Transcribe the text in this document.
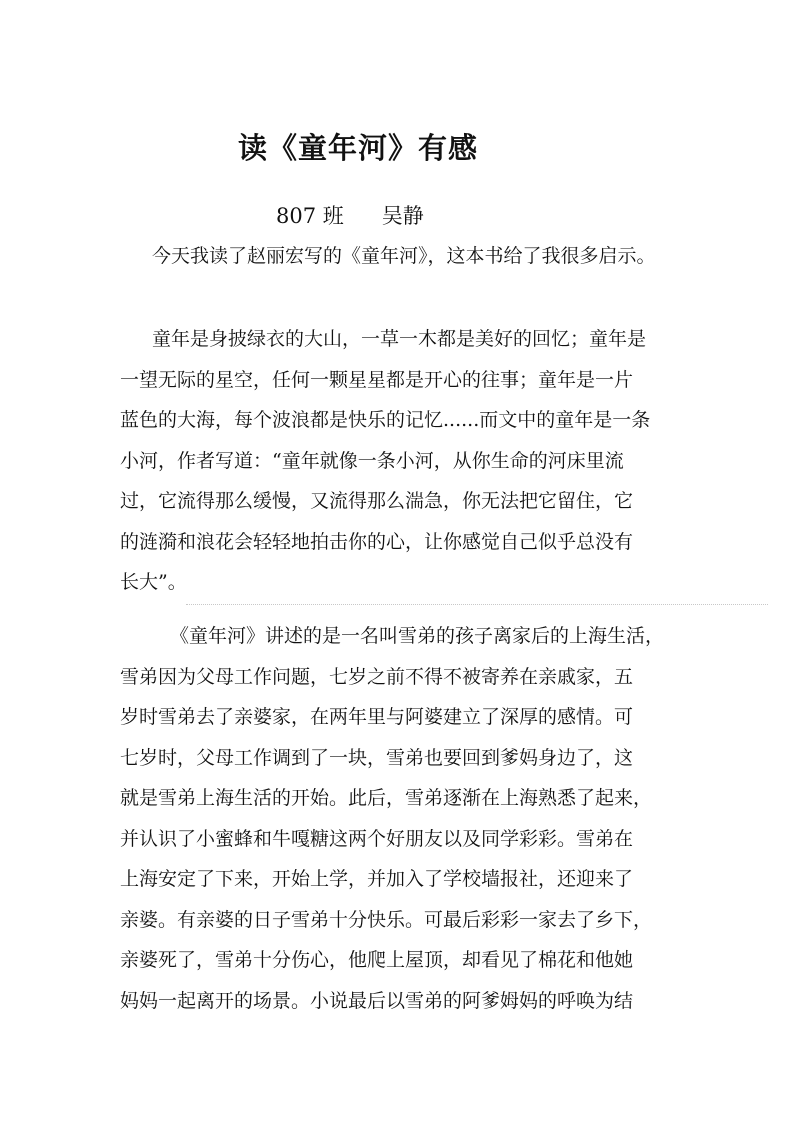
读《童年河》有感
807 班 吴静

今天我读了赵丽宏写的《童年河》，这本书给了我很多启示。

童年是身披绿衣的大山，一草一木都是美好的回忆；童年是
一望无际的星空，任何一颗星星都是开心的往事；童年是一片
蓝色的大海，每个波浪都是快乐的记忆......而文中的童年是一条
小河，作者写道：“童年就像一条小河，从你生命的河床里流
过，它流得那么缓慢，又流得那么湍急，你无法把它留住，它
的涟漪和浪花会轻轻地拍击你的心，让你感觉自己似乎总没有
长大”。

《童年河》讲述的是一名叫雪弟的孩子离家后的上海生活，
雪弟因为父母工作问题，七岁之前不得不被寄养在亲戚家，五
岁时雪弟去了亲婆家，在两年里与阿婆建立了深厚的感情。可
七岁时，父母工作调到了一块，雪弟也要回到爹妈身边了，这
就是雪弟上海生活的开始。此后，雪弟逐渐在上海熟悉了起来，
并认识了小蜜蜂和牛嘎糖这两个好朋友以及同学彩彩。雪弟在
上海安定了下来，开始上学，并加入了学校墙报社，还迎来了
亲婆。有亲婆的日子雪弟十分快乐。可最后彩彩一家去了乡下，
亲婆死了，雪弟十分伤心，他爬上屋顶，却看见了棉花和他她
妈妈一起离开的场景。小说最后以雪弟的阿爹姆妈的呼唤为结
